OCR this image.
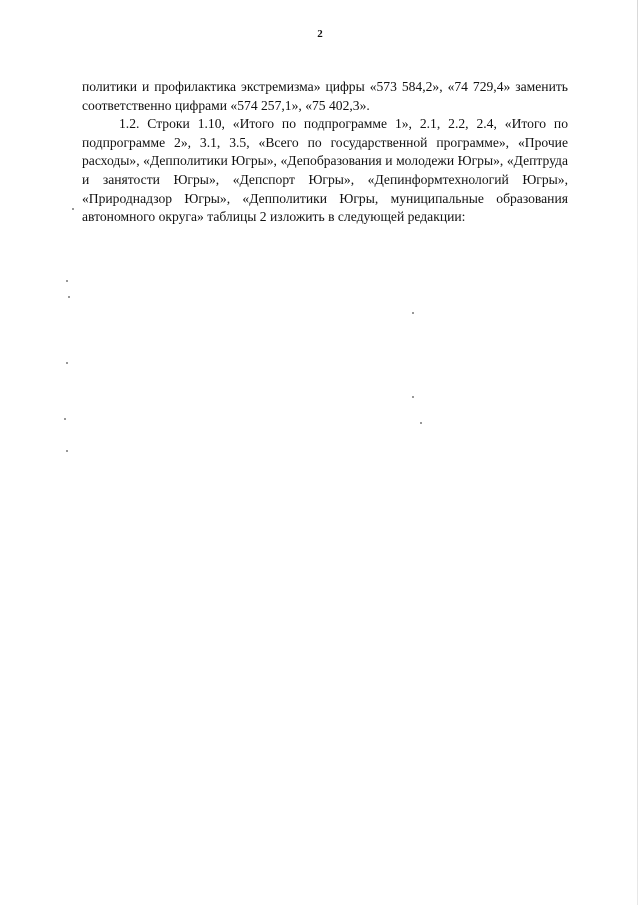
2

политики и профилактика экстремизма» цифры «573 584,2», «74 729,4» заменить соответственно цифрами «574 257,1», «75 402,3».

1.2. Строки 1.10, «Итого по подпрограмме 1», 2.1, 2.2, 2.4, «Итого по подпрограмме 2», 3.1, 3.5, «Всего по государственной программе», «Прочие расходы», «Депполитики Югры», «Депобразования и молодежи Югры», «Дептруда и занятости Югры», «Депспорт Югры», «Депинформтехнологий Югры», «Природнадзор Югры», «Депполитики Югры, муниципальные образования автономного округа» таблицы 2 изложить в следующей редакции:
